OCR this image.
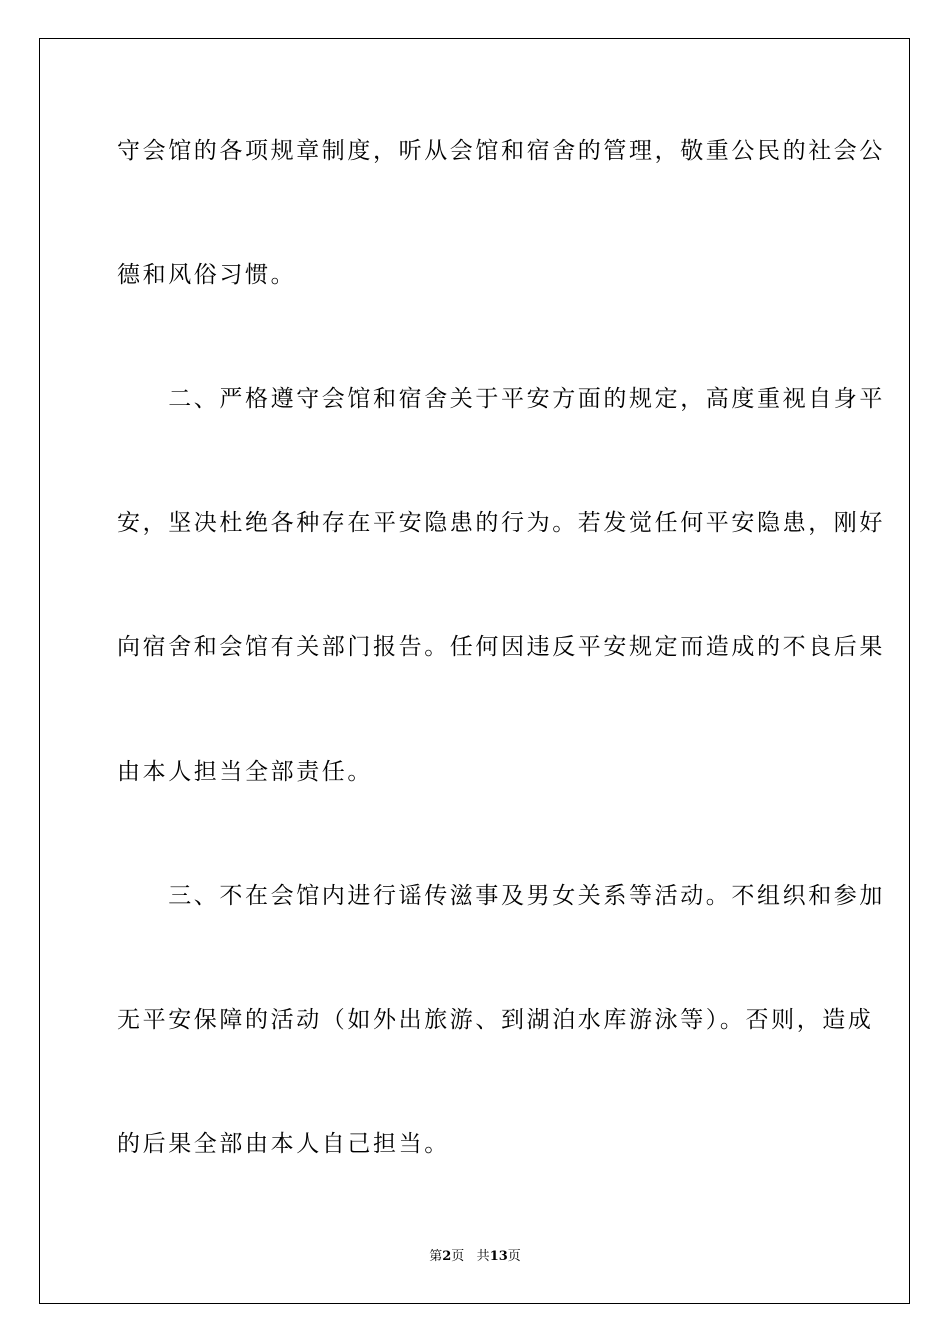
守会馆的各项规章制度，听从会馆和宿舍的管理，敬重公民的社会公
德和风俗习惯。
　　二、严格遵守会馆和宿舍关于平安方面的规定，高度重视自身平
安，坚决杜绝各种存在平安隐患的行为。若发觉任何平安隐患，刚好
向宿舍和会馆有关部门报告。任何因违反平安规定而造成的不良后果
由本人担当全部责任。
　　三、不在会馆内进行谣传滋事及男女关系等活动。不组织和参加
无平安保障的活动（如外出旅游、到湖泊水库游泳等）。否则，造成
的后果全部由本人自己担当。
第2页 共13页
